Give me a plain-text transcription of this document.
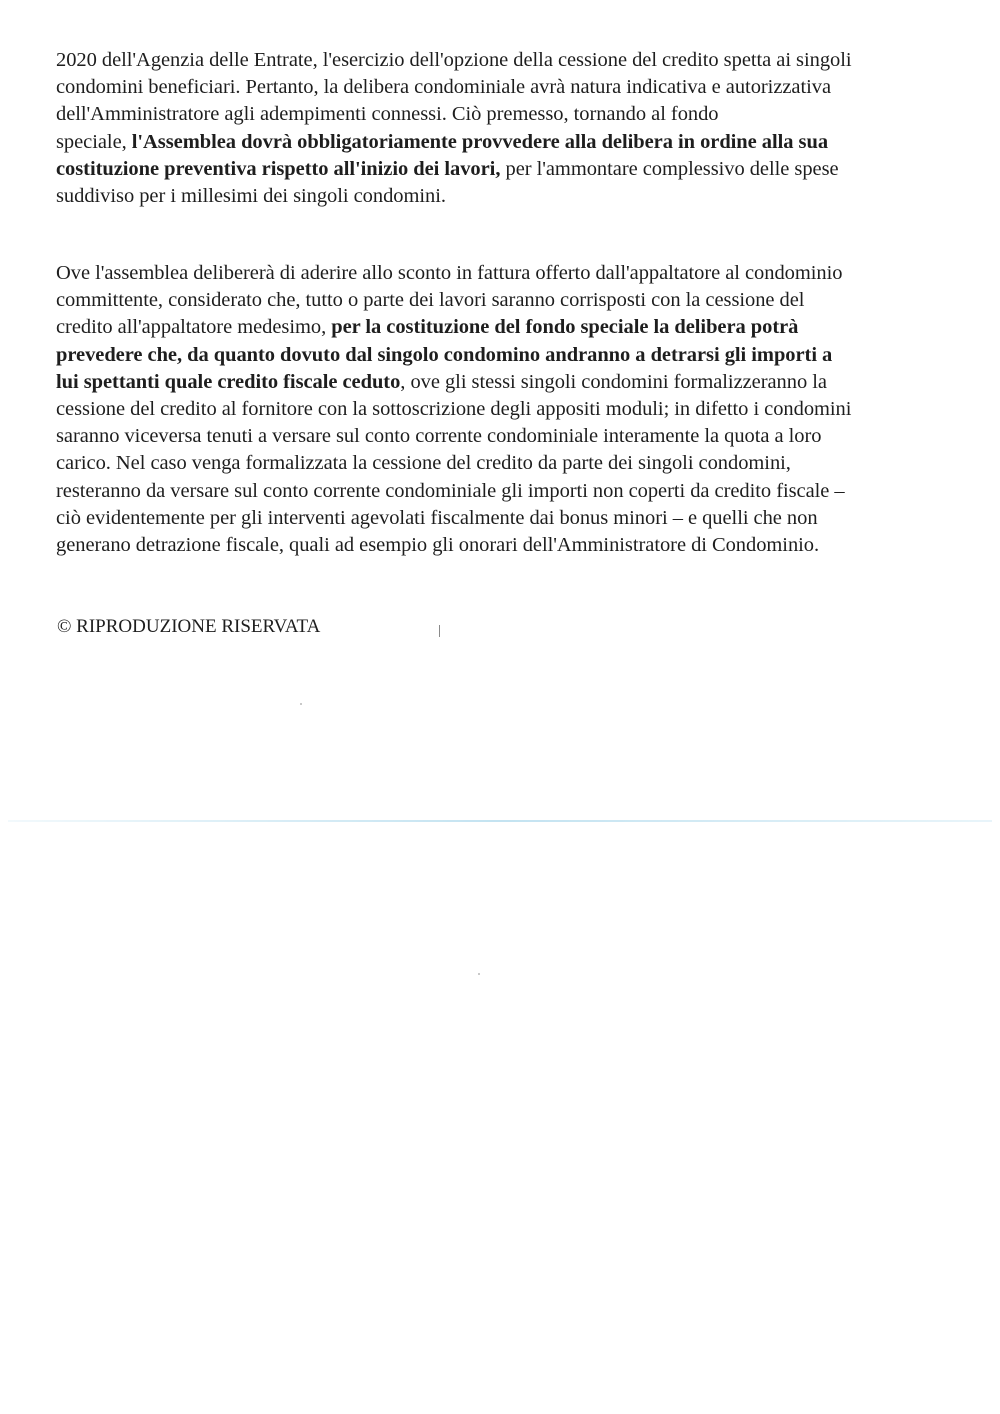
2020 dell'Agenzia delle Entrate, l'esercizio dell'opzione della cessione del credito spetta ai singoli
condomini beneficiari. Pertanto, la delibera condominiale avrà natura indicativa e autorizzativa
dell'Amministratore agli adempimenti connessi. Ciò premesso, tornando al fondo
speciale, l'Assemblea dovrà obbligatoriamente provvedere alla delibera in ordine alla sua
costituzione preventiva rispetto all'inizio dei lavori, per l'ammontare complessivo delle spese
suddiviso per i millesimi dei singoli condomini.

Ove l'assemblea delibererà di aderire allo sconto in fattura offerto dall'appaltatore al condominio
committente, considerato che, tutto o parte dei lavori saranno corrisposti con la cessione del
credito all'appaltatore medesimo, per la costituzione del fondo speciale la delibera potrà
prevedere che, da quanto dovuto dal singolo condomino andranno a detrarsi gli importi a
lui spettanti quale credito fiscale ceduto, ove gli stessi singoli condomini formalizzeranno la
cessione del credito al fornitore con la sottoscrizione degli appositi moduli; in difetto i condomini
saranno viceversa tenuti a versare sul conto corrente condominiale interamente la quota a loro
carico. Nel caso venga formalizzata la cessione del credito da parte dei singoli condomini,
resteranno da versare sul conto corrente condominiale gli importi non coperti da credito fiscale –
ciò evidentemente per gli interventi agevolati fiscalmente dai bonus minori – e quelli che non
generano detrazione fiscale, quali ad esempio gli onorari dell'Amministratore di Condominio.

© RIPRODUZIONE RISERVATA
